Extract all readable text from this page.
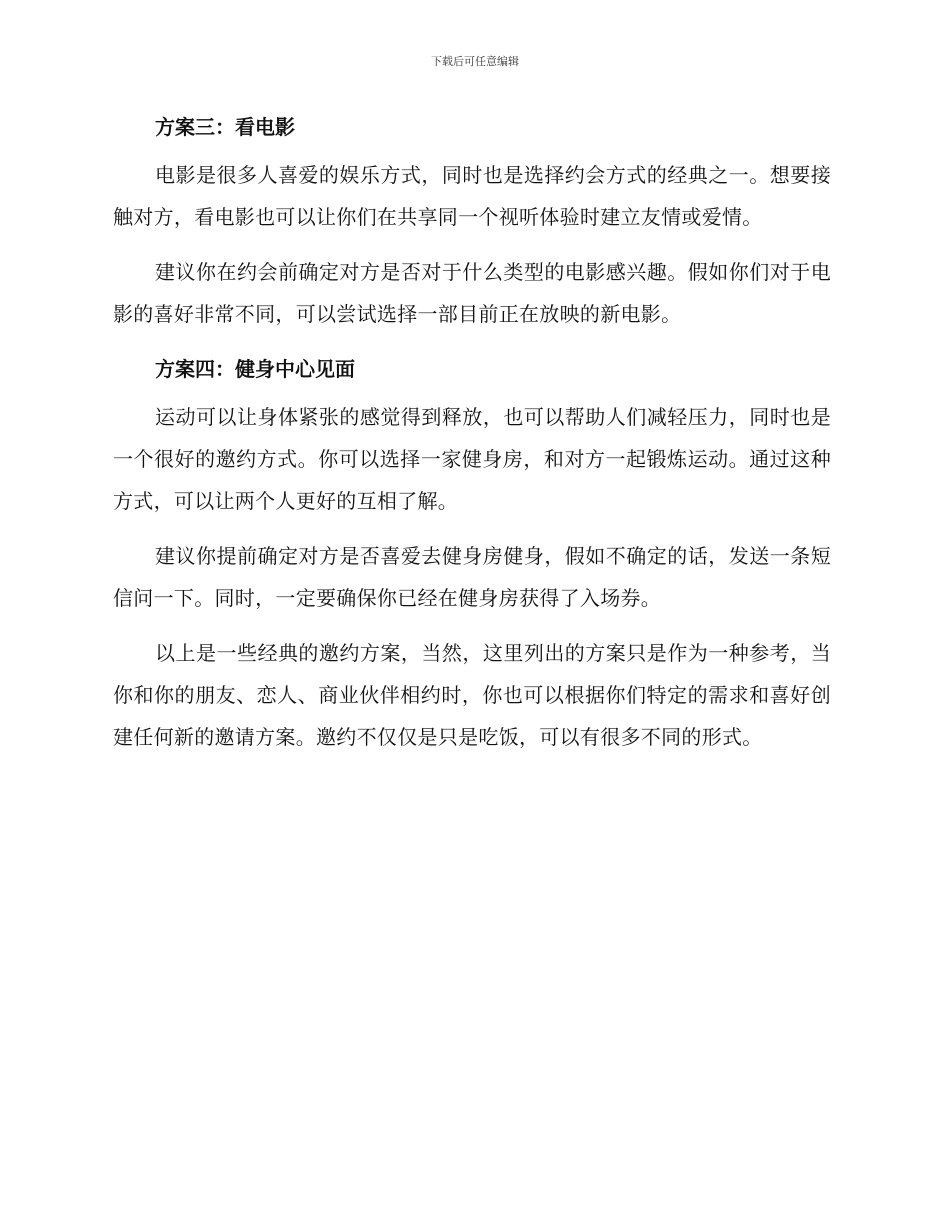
下载后可任意编辑
方案三：看电影

电影是很多人喜爱的娱乐方式，同时也是选择约会方式的经典之一。想要接触对方，看电影也可以让你们在共享同一个视听体验时建立友情或爱情。

建议你在约会前确定对方是否对于什么类型的电影感兴趣。假如你们对于电影的喜好非常不同，可以尝试选择一部目前正在放映的新电影。

方案四：健身中心见面

运动可以让身体紧张的感觉得到释放，也可以帮助人们减轻压力，同时也是一个很好的邀约方式。你可以选择一家健身房，和对方一起锻炼运动。通过这种方式，可以让两个人更好的互相了解。

建议你提前确定对方是否喜爱去健身房健身，假如不确定的话，发送一条短信问一下。同时，一定要确保你已经在健身房获得了入场券。

以上是一些经典的邀约方案，当然，这里列出的方案只是作为一种参考，当你和你的朋友、恋人、商业伙伴相约时，你也可以根据你们特定的需求和喜好创建任何新的邀请方案。邀约不仅仅是只是吃饭，可以有很多不同的形式。
